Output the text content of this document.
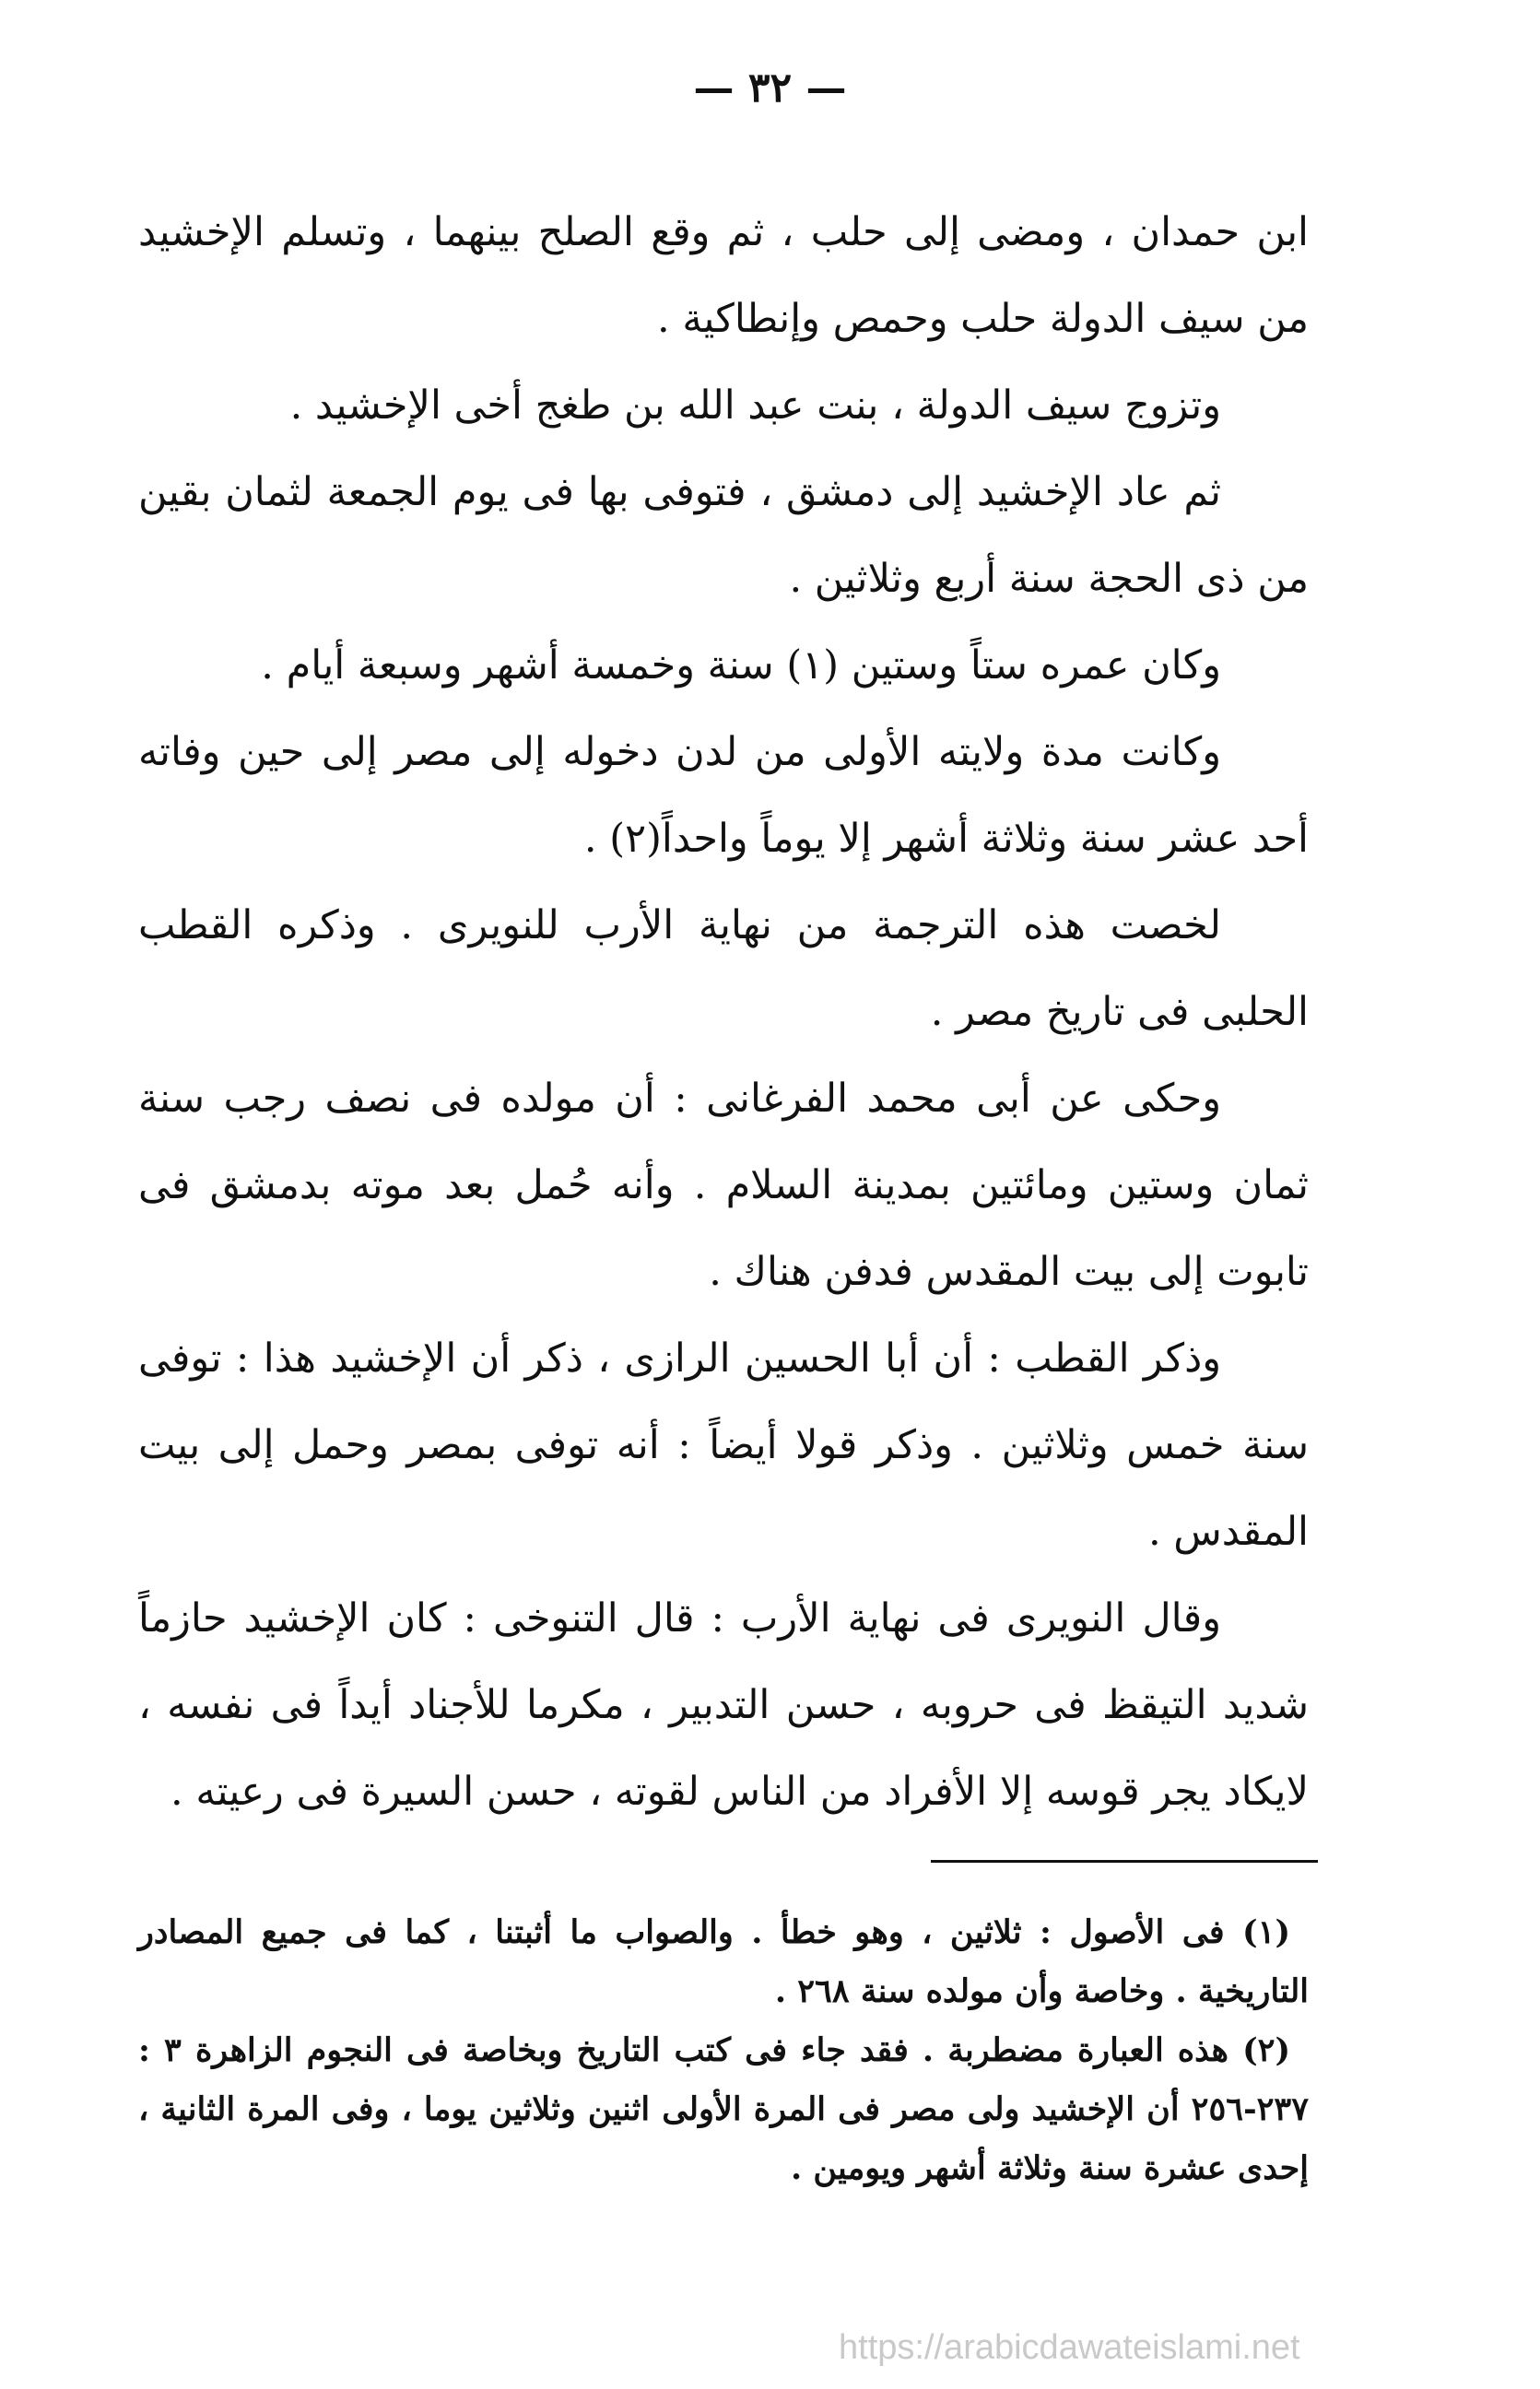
— ٣٢ —

ابن حمدان ، ومضى إلى حلب ، ثم وقع الصلح بينهما ، وتسلم الإخشيد من سيف الدولة حلب وحمص وإنطاكية .

وتزوج سيف الدولة ، بنت عبد الله بن طغج أخى الإخشيد .

ثم عاد الإخشيد إلى دمشق ، فتوفى بها فى يوم الجمعة لثمان بقين من ذى الحجة سنة أربع وثلاثين .

وكان عمره ستاً وستين (١) سنة وخمسة أشهر وسبعة أيام .

وكانت مدة ولايته الأولى من لدن دخوله إلى مصر إلى حين وفاته أحد عشر سنة وثلاثة أشهر إلا يوماً واحداً(٢) .

لخصت هذه الترجمة من نهاية الأرب للنويرى . وذكره القطب الحلبى فى تاريخ مصر .

وحكى عن أبى محمد الفرغانى : أن مولده فى نصف رجب سنة ثمان وستين ومائتين بمدينة السلام . وأنه حُمل بعد موته بدمشق فى تابوت إلى بيت المقدس فدفن هناك .

وذكر القطب : أن أبا الحسين الرازى ، ذكر أن الإخشيد هذا : توفى سنة خمس وثلاثين . وذكر قولا أيضاً : أنه توفى بمصر وحمل إلى بيت المقدس .

وقال النويرى فى نهاية الأرب : قال التنوخى : كان الإخشيد حازماً شديد التيقظ فى حروبه ، حسن التدبير ، مكرما للأجناد أيداً فى نفسه ، لايكاد يجر قوسه إلا الأفراد من الناس لقوته ، حسن السيرة فى رعيته .

(١) فى الأصول : ثلاثين ، وهو خطأ . والصواب ما أثبتنا ، كما فى جميع المصادر التاريخية . وخاصة وأن مولده سنة ٢٦٨ .

(٢) هذه العبارة مضطربة . فقد جاء فى كتب التاريخ وبخاصة فى النجوم الزاهرة ٣ : ٢٣٧-٢٥٦ أن الإخشيد ولى مصر فى المرة الأولى اثنين وثلاثين يوما ، وفى المرة الثانية ، إحدى عشرة سنة وثلاثة أشهر ويومين .

https://arabicdawateislami.net
